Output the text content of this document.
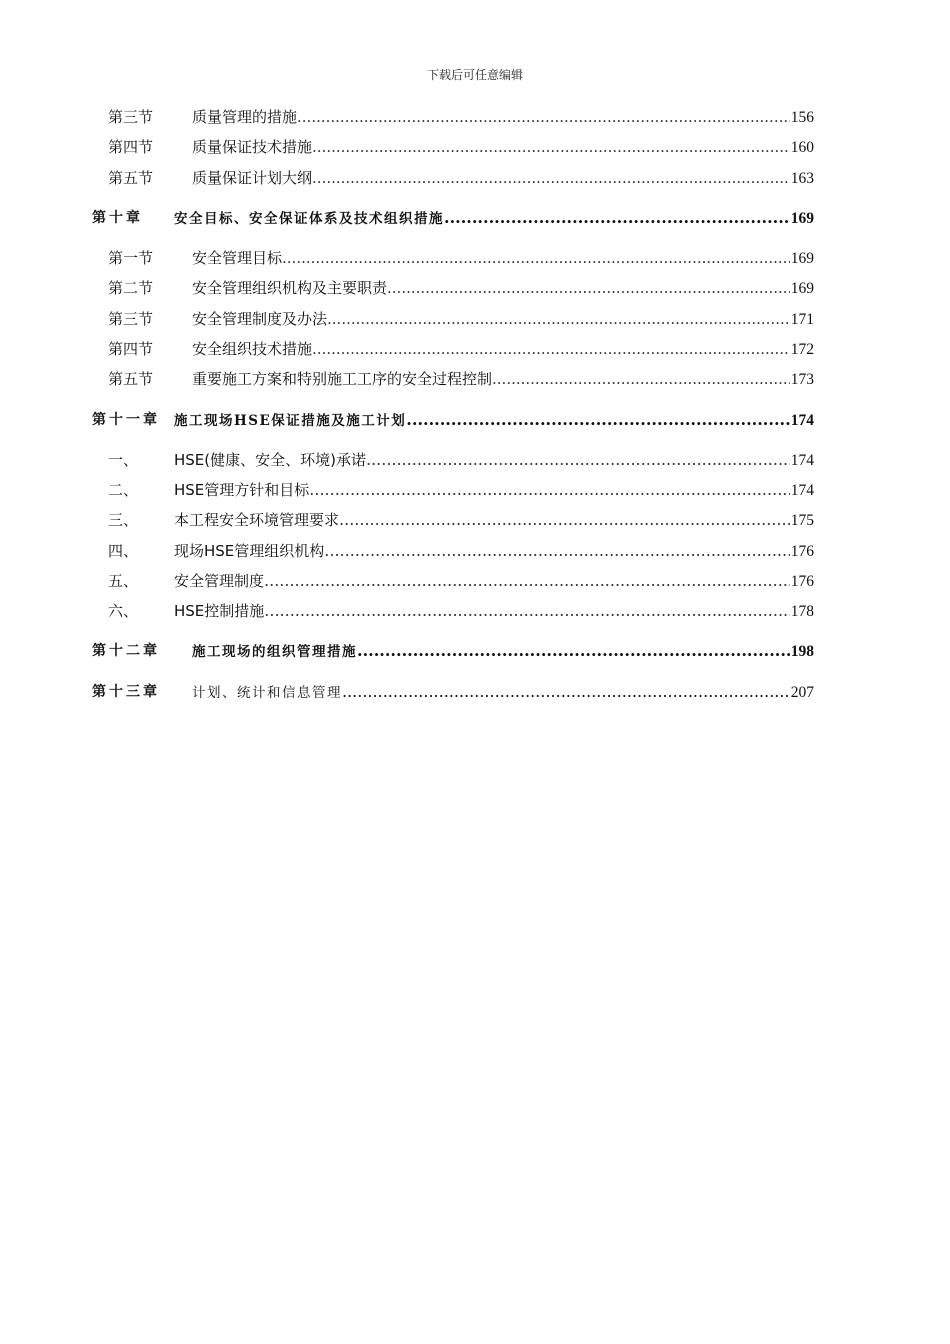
下载后可任意编辑
第三节	质量管理的措施 .....	156
第四节	质量保证技术措施 .....	160
第五节	质量保证计划大纲 .....	163
第十章 安全目标、安全保证体系及技术组织措施 .....	169
第一节	安全管理目标 .....	169
第二节	安全管理组织机构及主要职责 .....	169
第三节	安全管理制度及办法 .....	171
第四节	安全组织技术措施 .....	172
第五节	重要施工方案和特别施工工序的安全过程控制 .....	173
第十一章 施工现场HSE保证措施及施工计划 .....	174
一、 HSE(健康、安全、环境)承诺 .....	174
二、 HSE管理方针和目标 .....	174
三、 本工程安全环境管理要求 .....	175
四、 现场HSE管理组织机构 .....	176
五、 安全管理制度 .....	176
六、 HSE控制措施 .....	178
第十二章 施工现场的组织管理措施 .....	198
第十三章 计划、统计和信息管理 .....	207
